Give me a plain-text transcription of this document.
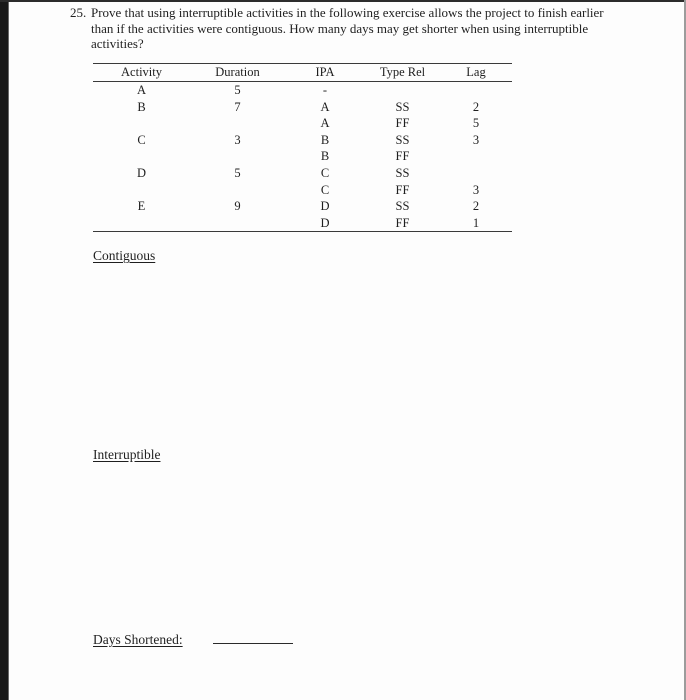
25. Prove that using interruptible activities in the following exercise allows the project to finish earlier than if the activities were contiguous. How many days may get shorter when using interruptible activities?
Activity	Duration	IPA	Type Rel	Lag
A	5	-		
B	7	A	SS	2
		A	FF	5
C	3	B	SS	3
		B	FF	
D	5	C	SS	
		C	FF	3
E	9	D	SS	2
		D	FF	1
Contiguous
Interruptible
Days Shortened:
